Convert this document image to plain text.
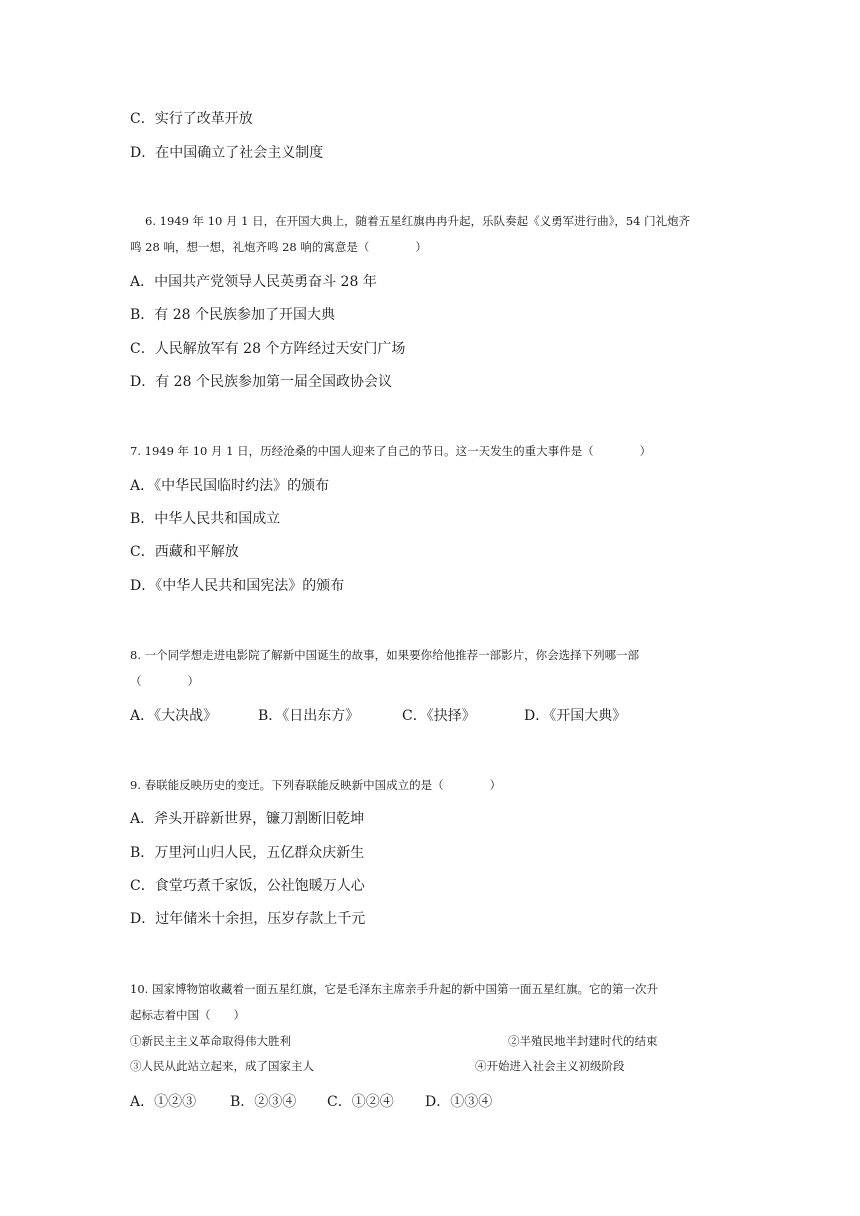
C．实行了改革开放
D．在中国确立了社会主义制度
6. 1949 年 10 月 1 日，在开国大典上，随着五星红旗冉冉升起，乐队奏起《义勇军进行曲》，54 门礼炮齐
鸣 28 响，想一想，礼炮齐鸣 28 响的寓意是（　　　　）
A．中国共产党领导人民英勇奋斗 28 年
B．有 28 个民族参加了开国大典
C．人民解放军有 28 个方阵经过天安门广场
D．有 28 个民族参加第一届全国政协会议
7. 1949 年 10 月 1 日，历经沧桑的中国人迎来了自己的节日。这一天发生的重大事件是（　　　　）
A．《中华民国临时约法》的颁布
B．中华人民共和国成立
C．西藏和平解放
D．《中华人民共和国宪法》的颁布
8. 一个同学想走进电影院了解新中国诞生的故事，如果要你给他推荐一部影片，你会选择下列哪一部
（　　　　）
A．《大决战》	B．《日出东方》	C．《抉择》	D．《开国大典》
9. 春联能反映历史的变迁。下列春联能反映新中国成立的是（　　　　）
A．斧头开辟新世界，镰刀割断旧乾坤
B．万里河山归人民，五亿群众庆新生
C．食堂巧煮千家饭，公社饱暖万人心
D．过年储米十余担，压岁存款上千元
10. 国家博物馆收藏着一面五星红旗，它是毛泽东主席亲手升起的新中国第一面五星红旗。它的第一次升
起标志着中国（　　）
①新民主主义革命取得伟大胜利	②半殖民地半封建时代的结束
③人民从此站立起来，成了国家主人	④开始进入社会主义初级阶段
A．①②③ B．②③④ C．①②④ D．①③④
